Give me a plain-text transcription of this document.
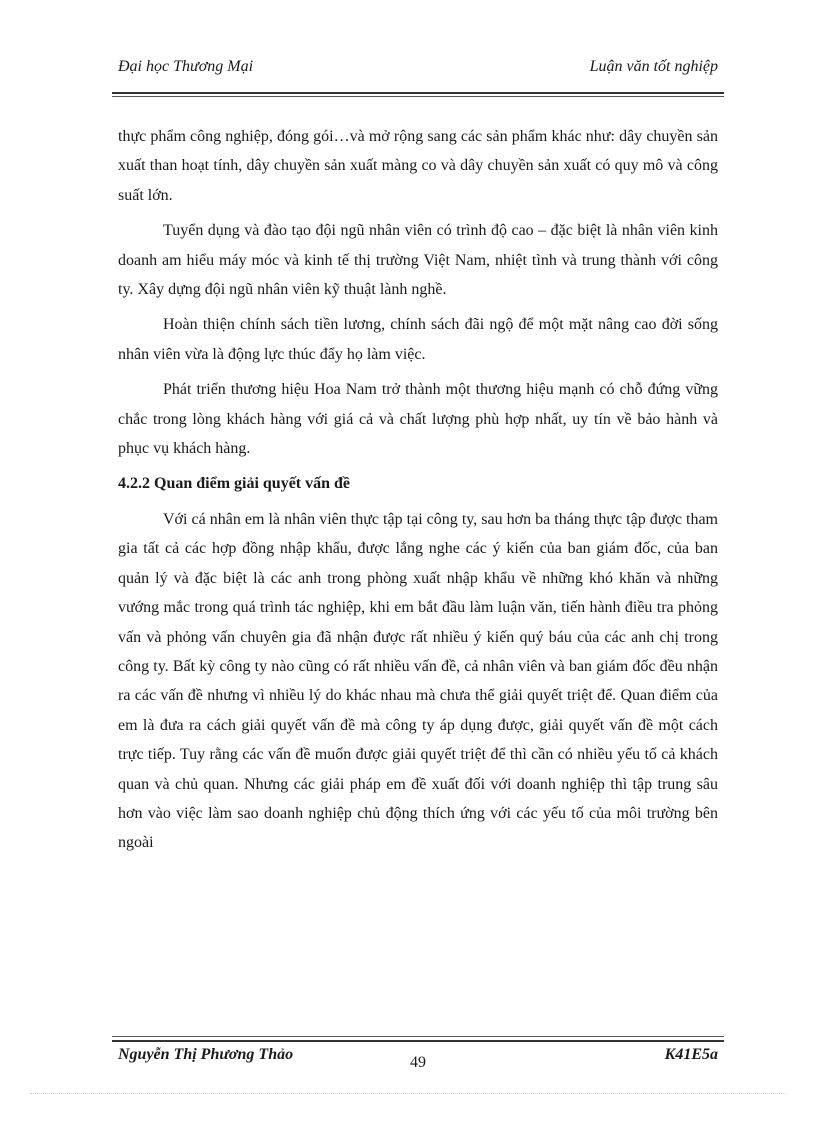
Đại học Thương Mại	Luận văn tốt nghiệp

thực phẩm công nghiệp, đóng gói…và mở rộng sang các sản phẩm khác như: dây chuyền sản xuất than hoạt tính, dây chuyền sản xuất màng co và dây chuyền sản xuất có quy mô và công suất lớn.

Tuyển dụng và đào tạo đội ngũ nhân viên có trình độ cao – đặc biệt là nhân viên kinh doanh am hiểu máy móc và kinh tế thị trường Việt Nam, nhiệt tình và trung thành với công ty. Xây dựng đội ngũ nhân viên kỹ thuật lành nghề.

Hoàn thiện chính sách tiền lương, chính sách đãi ngộ để một mặt nâng cao đời sống nhân viên vừa là động lực thúc đẩy họ làm việc.

Phát triển thương hiệu Hoa Nam trở thành một thương hiệu mạnh có chỗ đứng vững chắc trong lòng khách hàng với giá cả và chất lượng phù hợp nhất, uy tín về bảo hành và phục vụ khách hàng.

4.2.2 Quan điểm giải quyết vấn đề

Với cá nhân em là nhân viên thực tập tại công ty, sau hơn ba tháng thực tập được tham gia tất cả các hợp đồng nhập khẩu, được lắng nghe các ý kiến của ban giám đốc, của ban quản lý và đặc biệt là các anh trong phòng xuất nhập khẩu về những khó khăn và những vướng mắc trong quá trình tác nghiệp, khi em bắt đầu làm luận văn, tiến hành điều tra phỏng vấn và phỏng vấn chuyên gia đã nhận được rất nhiều ý kiến quý báu của các anh chị trong công ty. Bất kỳ công ty nào cũng có rất nhiều vấn đề, cả nhân viên và ban giám đốc đều nhận ra các vấn đề nhưng vì nhiều lý do khác nhau mà chưa thể giải quyết triệt để. Quan điểm của em là đưa ra cách giải quyết vấn đề mà công ty áp dụng được, giải quyết vấn đề một cách trực tiếp. Tuy rằng các vấn đề muốn được giải quyết triệt để thì cần có nhiều yếu tố cả khách quan và chủ quan. Nhưng các giải pháp em đề xuất đối với doanh nghiệp thì tập trung sâu hơn vào việc làm sao doanh nghiệp chủ động thích ứng với các yếu tố của môi trường bên ngoài

Nguyễn Thị Phương Thảo	49	K41E5a
